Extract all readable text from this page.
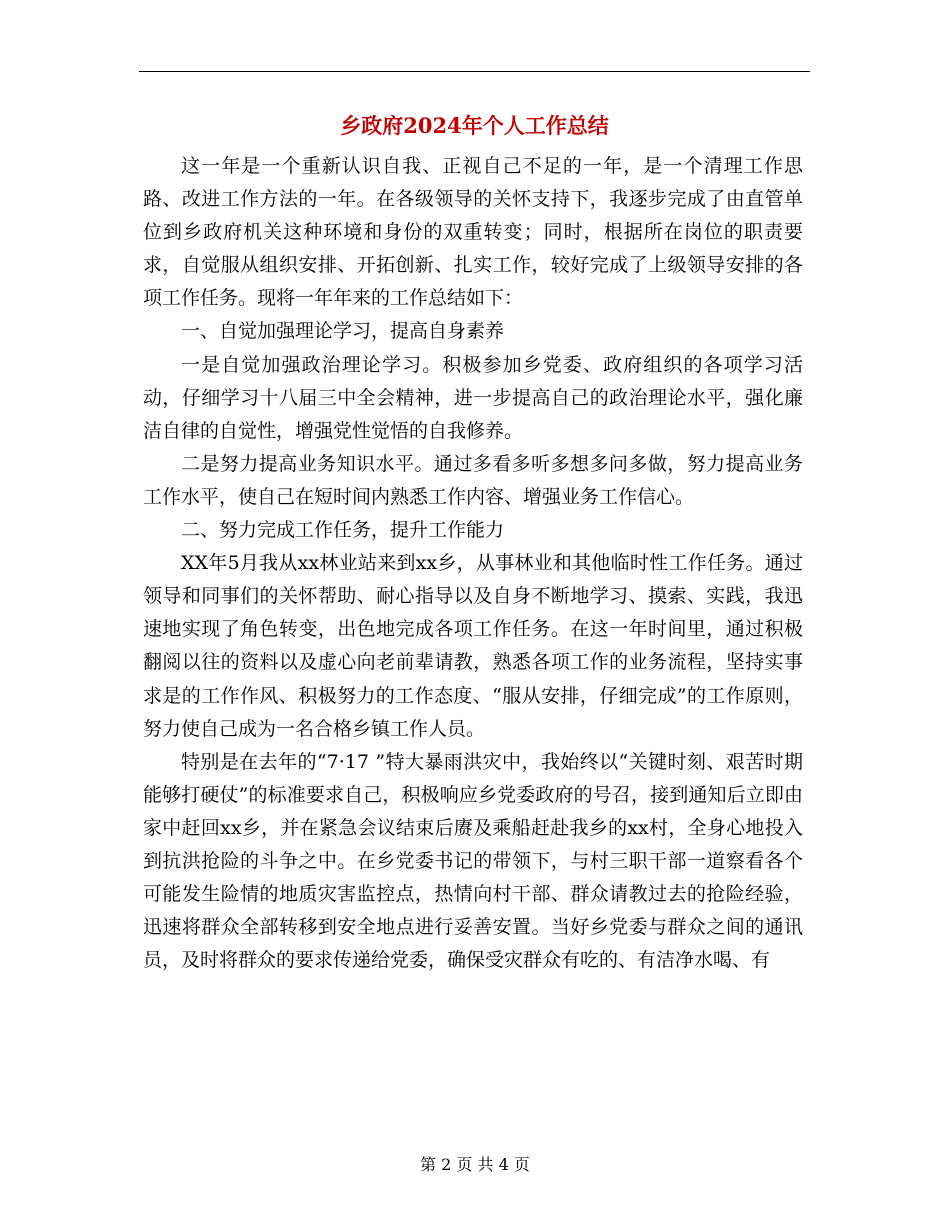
乡政府2024年个人工作总结

这一年是一个重新认识自我、正视自己不足的一年，是一个清理工作思路、改进工作方法的一年。在各级领导的关怀支持下，我逐步完成了由直管单位到乡政府机关这种环境和身份的双重转变；同时，根据所在岗位的职责要求，自觉服从组织安排、开拓创新、扎实工作，较好完成了上级领导安排的各项工作任务。现将一年年来的工作总结如下：

一、自觉加强理论学习，提高自身素养

一是自觉加强政治理论学习。积极参加乡党委、政府组织的各项学习活动，仔细学习十八届三中全会精神，进一步提高自己的政治理论水平，强化廉洁自律的自觉性，增强党性觉悟的自我修养。

二是努力提高业务知识水平。通过多看多听多想多问多做，努力提高业务工作水平，使自己在短时间内熟悉工作内容、增强业务工作信心。

二、努力完成工作任务，提升工作能力

XX年5月我从xx林业站来到xx乡，从事林业和其他临时性工作任务。通过领导和同事们的关怀帮助、耐心指导以及自身不断地学习、摸索、实践，我迅速地实现了角色转变，出色地完成各项工作任务。在这一年时间里，通过积极翻阅以往的资料以及虚心向老前辈请教，熟悉各项工作的业务流程，坚持实事求是的工作作风、积极努力的工作态度、“服从安排，仔细完成”的工作原则，努力使自己成为一名合格乡镇工作人员。

特别是在去年的“7·17 ”特大暴雨洪灾中，我始终以“关键时刻、艰苦时期能够打硬仗”的标准要求自己，积极响应乡党委政府的号召，接到通知后立即由家中赶回xx乡，并在紧急会议结束后赓及乘船赶赴我乡的xx村，全身心地投入到抗洪抢险的斗争之中。在乡党委书记的带领下，与村三职干部一道察看各个可能发生险情的地质灾害监控点，热情向村干部、群众请教过去的抢险经验，迅速将群众全部转移到安全地点进行妥善安置。当好乡党委与群众之间的通讯员，及时将群众的要求传递给党委，确保受灾群众有吃的、有洁净水喝、有

第 2 页 共 4 页
